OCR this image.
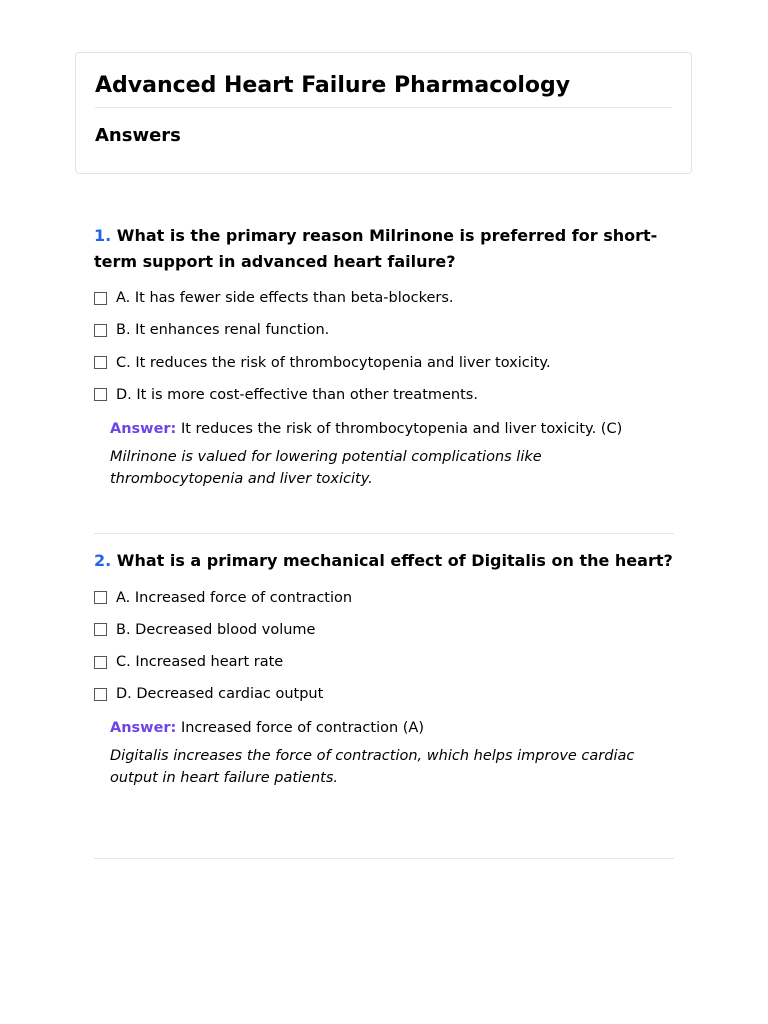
Advanced Heart Failure Pharmacology
Answers

1. What is the primary reason Milrinone is preferred for short-term support in advanced heart failure?

A. It has fewer side effects than beta-blockers.
B. It enhances renal function.
C. It reduces the risk of thrombocytopenia and liver toxicity.
D. It is more cost-effective than other treatments.

Answer: It reduces the risk of thrombocytopenia and liver toxicity. (C)

Milrinone is valued for lowering potential complications like thrombocytopenia and liver toxicity.

2. What is a primary mechanical effect of Digitalis on the heart?

A. Increased force of contraction
B. Decreased blood volume
C. Increased heart rate
D. Decreased cardiac output

Answer: Increased force of contraction (A)

Digitalis increases the force of contraction, which helps improve cardiac output in heart failure patients.
